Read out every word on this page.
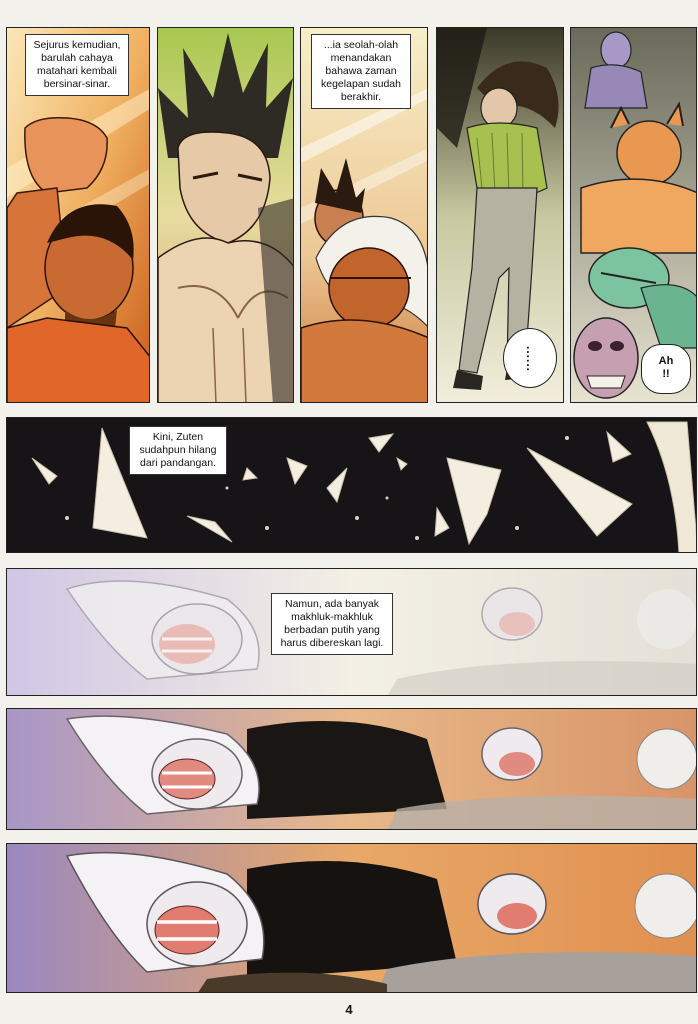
Sejurus kemudian, barulah cahaya matahari kembali bersinar-sinar.
...ia seolah-olah menandakan bahawa zaman kegelapan sudah berakhir.
......	Ah !!
Kini, Zuten sudahpun hilang dari pandangan.
Namun, ada banyak makhluk-makhluk berbadan putih yang harus dibereskan lagi.
4
